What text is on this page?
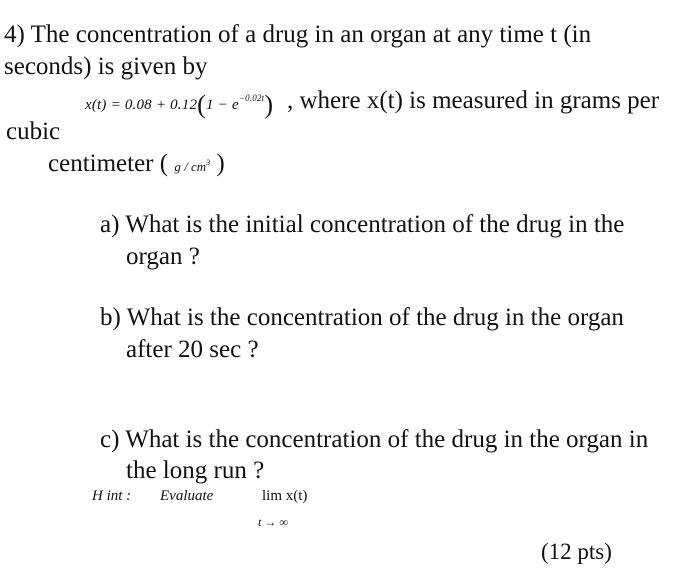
4) The concentration of a drug in an organ at any time t (in
seconds) is given by
$x(t) = 0.08 + 0.12(1 - e^{-0.02t})$ , where x(t) is measured in grams per
cubic
centimeter ( g / $cm^3$ )
a) What is the initial concentration of the drug in the
organ ?
b) What is the concentration of the drug in the organ
after 20 sec ?
c) What is the concentration of the drug in the organ in
the long run ?
H int : Evaluate	lim x(t)
t → ∞
(12 pts)
